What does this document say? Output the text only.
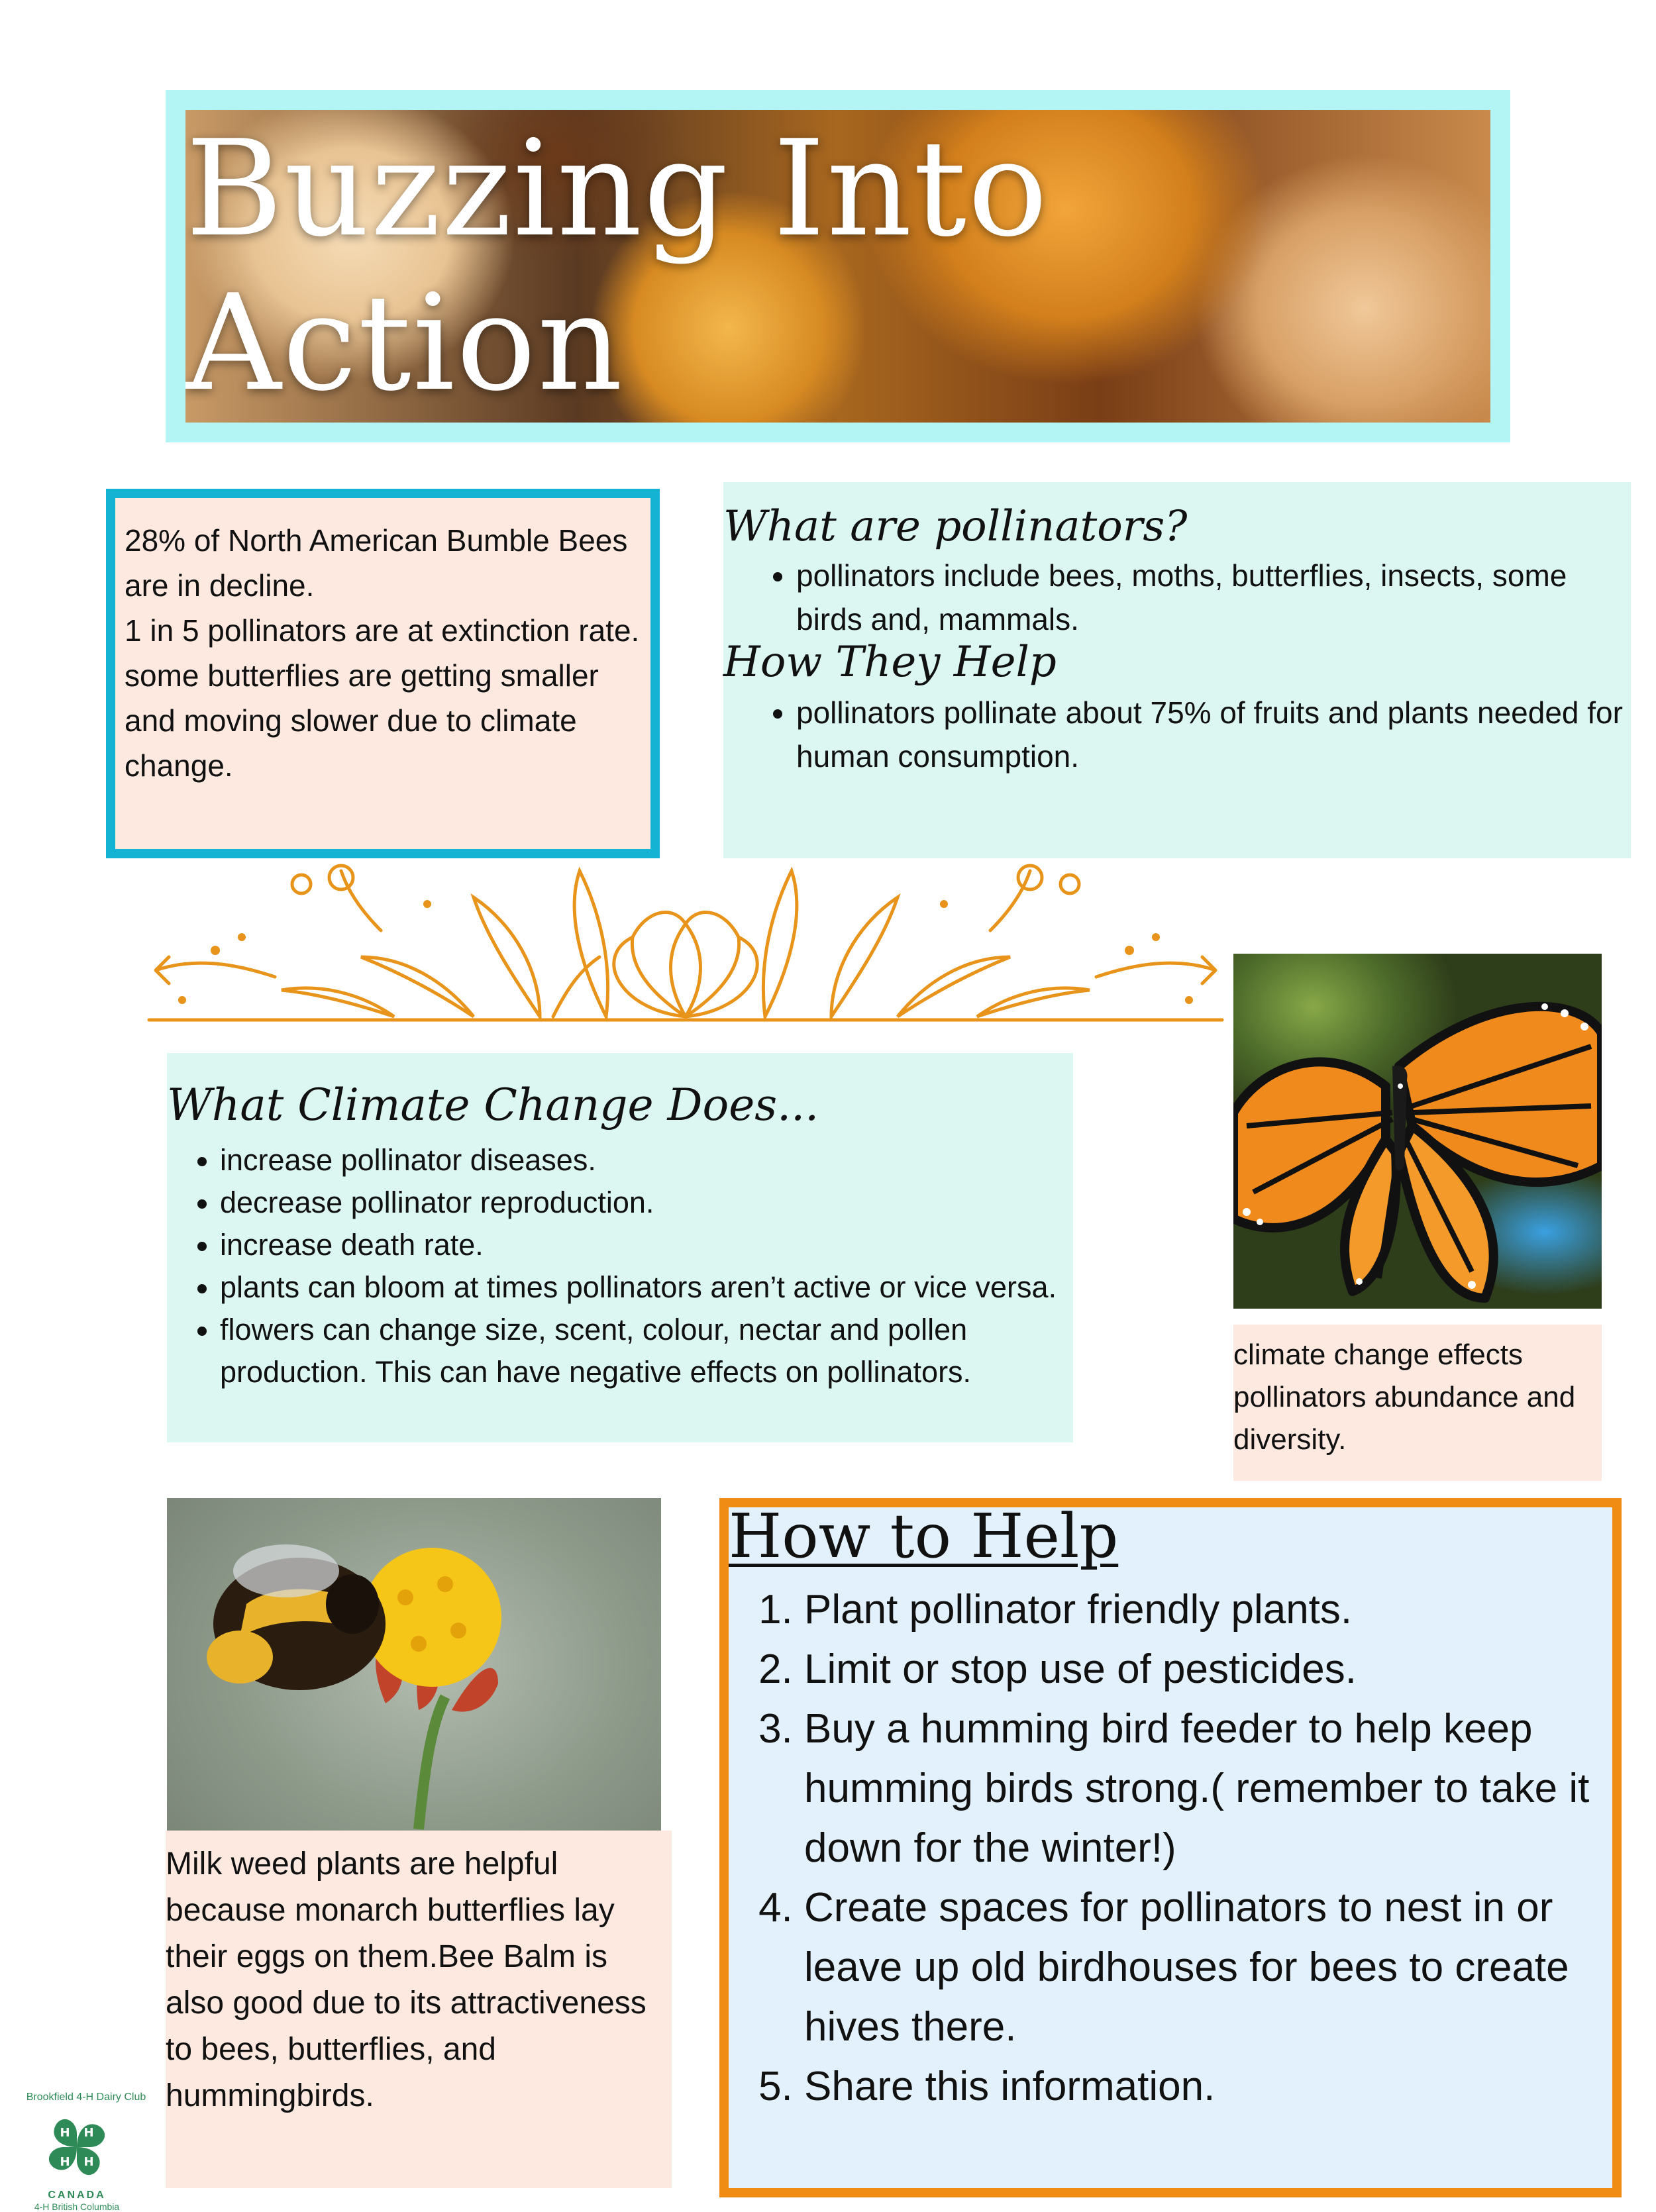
Buzzing Into Action
28% of North American Bumble Bees
are in decline.
1 in 5 pollinators are at extinction rate.
some butterflies are getting smaller
and moving slower due to climate
change.
What are pollinators?
• pollinators include bees, moths, butterflies, insects, some birds and, mammals.
How They Help
• pollinators pollinate about 75% of fruits and plants needed for human consumption.
What Climate Change Does...
• increase pollinator diseases.
• decrease pollinator reproduction.
• increase death rate.
• plants can bloom at times pollinators aren’t active or vice versa.
• flowers can change size, scent, colour, nectar and pollen production. This can have negative effects on pollinators.
climate change effects pollinators abundance and diversity.
Milk weed plants are helpful because monarch butterflies lay their eggs on them.Bee Balm is also good due to its attractiveness to bees, butterflies, and hummingbirds.
How to Help
1. Plant pollinator friendly plants.
2. Limit or stop use of pesticides.
3. Buy a humming bird feeder to help keep humming birds strong.( remember to take it down for the winter!)
4. Create spaces for pollinators to nest in or leave up old birdhouses for bees to create hives there.
5. Share this information.
Brookfield 4-H Dairy Club
H H
H H
CANADA
4-H British Columbia
